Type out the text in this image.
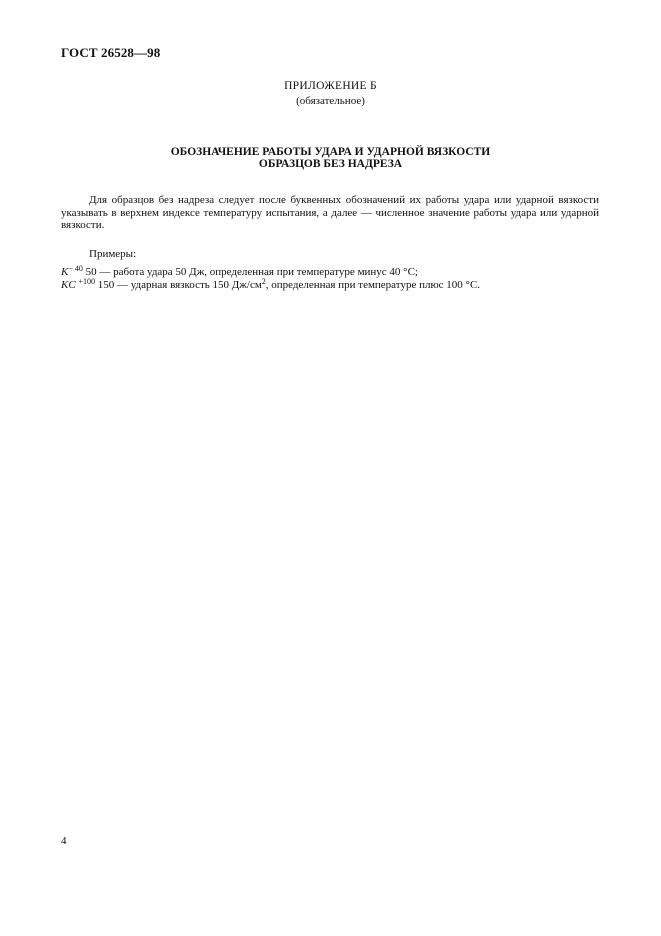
ГОСТ 26528—98
ПРИЛОЖЕНИЕ Б
(обязательное)
ОБОЗНАЧЕНИЕ РАБОТЫ УДАРА И УДАРНОЙ ВЯЗКОСТИ
ОБРАЗЦОВ БЕЗ НАДРЕЗА
Для образцов без надреза следует после буквенных обозначений их работы удара или ударной вязкости указывать в верхнем индексе температуру испытания, а далее — численное значение работы удара или ударной вязкости.
Примеры:
$K^{- 40}$ 50 — работа удара 50 Дж, определенная при температуре минус 40 °С;
KC $^{+100}$ 150 — ударная вязкость 150 $Дж/см^2$, определенная при температуре плюс 100 °С.
4
